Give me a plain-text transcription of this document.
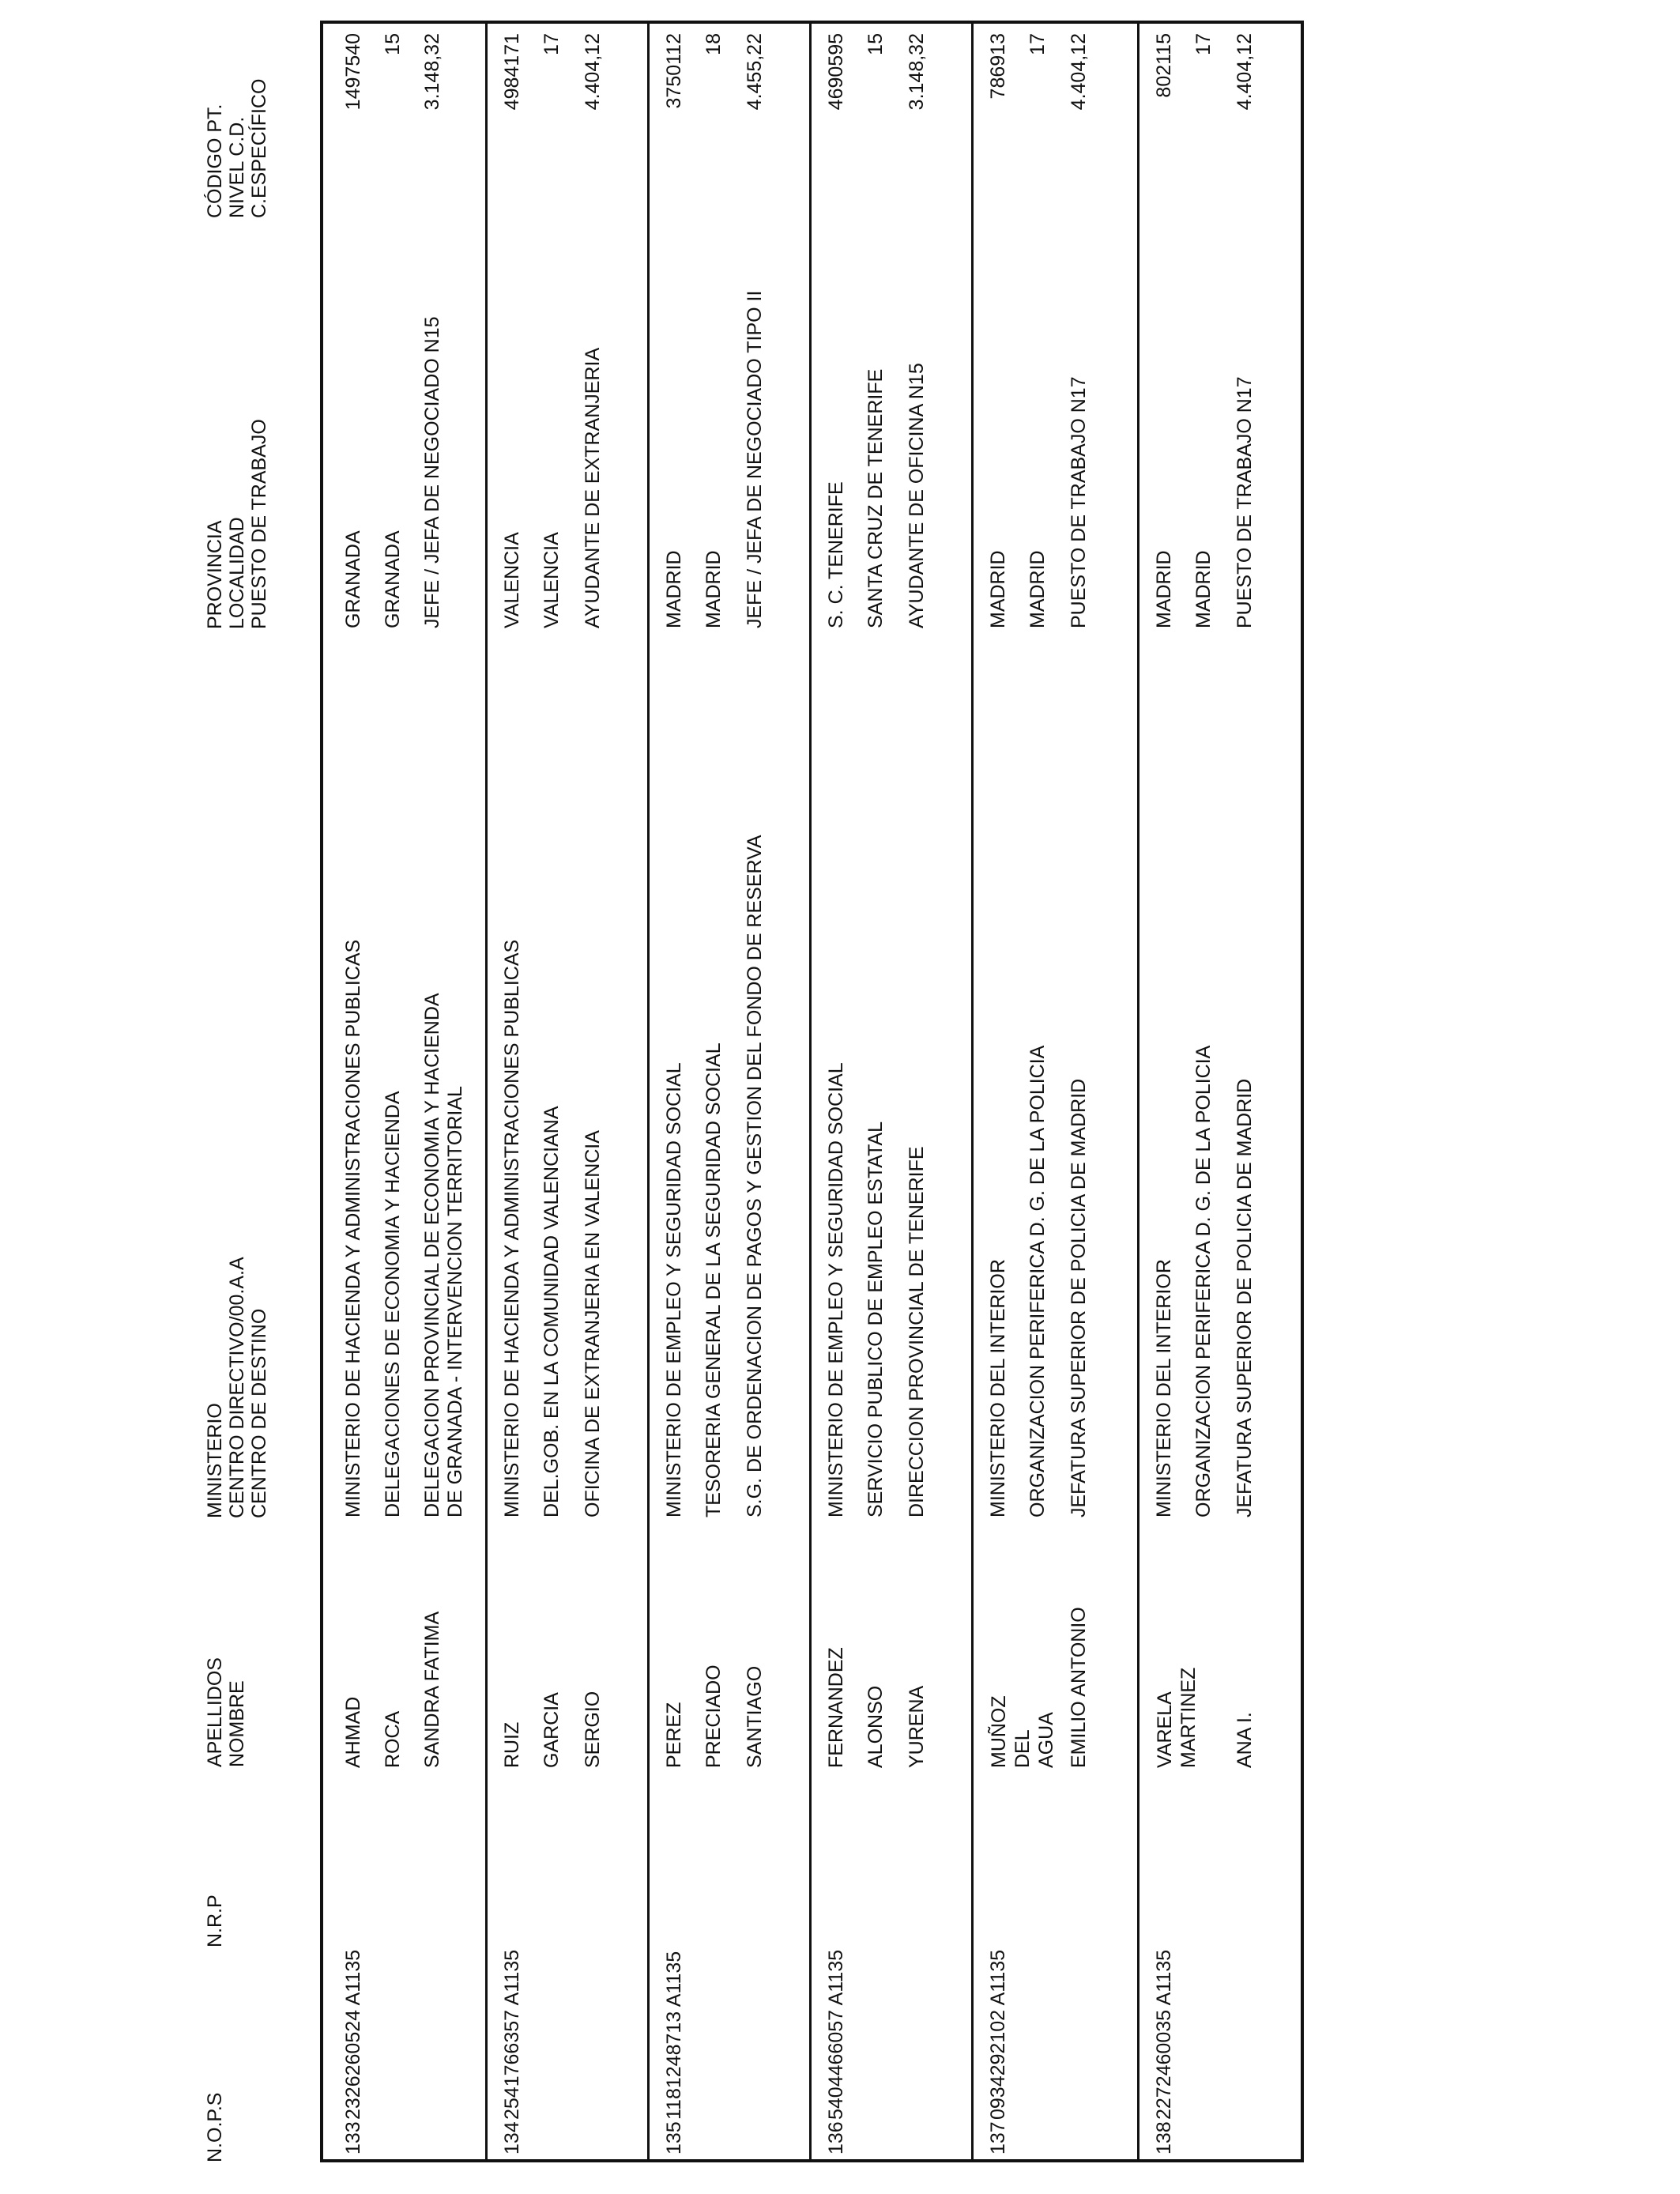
N.O.P.S
N.R.P
APELLIDOS NOMBRE
MINISTERIO CENTRO DIRECTIVO/00.A.A CENTRO DE DESTINO
PROVINCIA LOCALIDAD PUESTO DE TRABAJO
CÓDIGO PT. NIVEL C.D. C.ESPECÍFICO
133
2326260524 A1135
AHMAD ROCA SANDRA FATIMA
MINISTERIO DE HACIENDA Y ADMINISTRACIONES PUBLICAS DELEGACIONES DE ECONOMIA Y HACIENDA DELEGACION PROVINCIAL DE ECONOMIA Y HACIENDA DE GRANADA - INTERVENCION TERRITORIAL
GRANADA GRANADA JEFE / JEFA DE NEGOCIADO N15
1497540 15 3.148,32
134
2541766357 A1135
RUIZ GARCIA SERGIO
MINISTERIO DE HACIENDA Y ADMINISTRACIONES PUBLICAS DEL.GOB. EN LA COMUNIDAD VALENCIANA OFICINA DE EXTRANJERIA EN VALENCIA
VALENCIA VALENCIA AYUDANTE DE EXTRANJERIA
4984171 17 4.404,12
135
1181248713 A1135
PEREZ PRECIADO SANTIAGO
MINISTERIO DE EMPLEO Y SEGURIDAD SOCIAL TESORERIA GENERAL DE LA SEGURIDAD SOCIAL S.G. DE ORDENACION DE PAGOS Y GESTION DEL FONDO DE RESERVA
MADRID MADRID JEFE / JEFA DE NEGOCIADO TIPO II
3750112 18 4.455,22
136
5404466057 A1135
FERNANDEZ ALONSO YURENA
MINISTERIO DE EMPLEO Y SEGURIDAD SOCIAL SERVICIO PUBLICO DE EMPLEO ESTATAL DIRECCION PROVINCIAL DE TENERIFE
S. C. TENERIFE SANTA CRUZ DE TENERIFE AYUDANTE DE OFICINA N15
4690595 15 3.148,32
137
0934292102 A1135
MUÑOZ DEL AGUA EMILIO ANTONIO
MINISTERIO DEL INTERIOR ORGANIZACION PERIFERICA D. G. DE LA POLICIA JEFATURA SUPERIOR DE POLICIA DE MADRID
MADRID MADRID PUESTO DE TRABAJO N17
786913 17 4.404,12
138
2272460035 A1135
VARELA MARTINEZ ANA I.
MINISTERIO DEL INTERIOR ORGANIZACION PERIFERICA D. G. DE LA POLICIA JEFATURA SUPERIOR DE POLICIA DE MADRID
MADRID MADRID PUESTO DE TRABAJO N17
802115 17 4.404,12
